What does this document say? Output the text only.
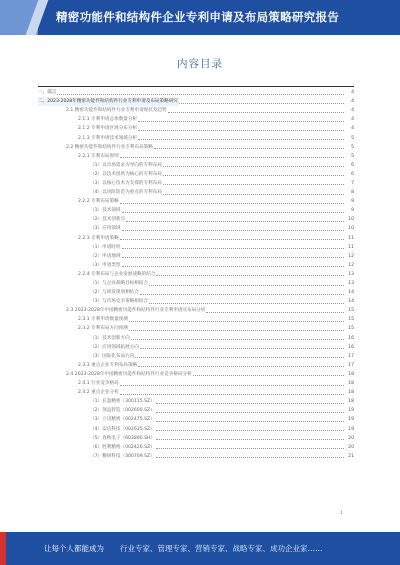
精密功能件和结构件企业专利申请及布局策略研究报告
内容目录
一、前言	4
二、2023-2028年精密功能件和结构件行业专利申请及布局策略研究	4
2.1 精密功能件和结构件行业专利申请现状及趋势	4
2.1.1 专利申请总体数量分析	4
2.1.2 专利申请区域分布分析	4
2.1.3 专利申请技术领域分析	5
2.2 精密功能件和结构件行业专利布局策略	5
2.2.1 专利布局原则	5
（1）以市场需求为导向的专利布局	6
（2）以技术创新为核心的专利布局	6
（3）以核心技术为支撑的专利布局	7
（4）以风险防范为重点的专利布局	8
2.2.2 专利布局策略	9
（1）技术领域	9
（2）技术创新点	10
（3）应用领域	10
2.2.3 专利申请策略	11
（1）申请时机	11
（2）申请地域	12
（3）申请类型	12
2.2.4 专利布局与企业发展战略的结合	13
（1）与企业战略目标相结合	13
（2）与研发规划相结合	14
（3）与市场竞争策略相结合	14
2.3 2023-2028年中国精密功能件和结构件行业专利申请及布局分析	15
2.3.1 专利申请数量预测	15
2.3.2 专利布局方向预测	15
（1）技术创新方向	16
（2）应用领域拓展方向	16
（3）国际化布局方向	17
2.3.3 重点企业专利布局策略	17
2.4 2023-2028年中国精密功能件和结构件行业竞争格局分析	18
2.4.1 行业竞争格局	18
2.4.2 重点企业分析	18
（1）长盈精密（300115.SZ）	18
（2）领益智造（002600.SZ）	19
（3）立讯精密（002475.SZ）	19
（4）安洁科技（002635.SZ）	19
（5）春秋电子（603890.SH）	20
（6）胜利精密（002426.SZ）	20
（7）精研科技（300709.SZ）	21
1
让每个人都能成为 行业专家、管理专家、营销专家、战略专家、成功企业家……
